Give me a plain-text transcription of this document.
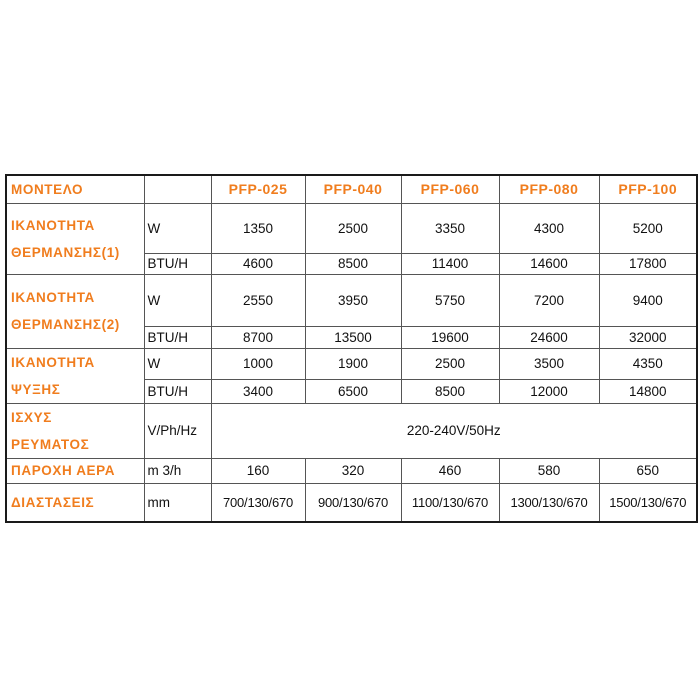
ΜΟΝΤΕΛΟ		PFP-025	PFP-040	PFP-060	PFP-080	PFP-100

ΙΚΑΝΟΤΗΤΑ
ΘΕΡΜΑΝΣΗΣ(1)	W	1350	2500	3350	4300	5200
	BTU/H	4600	8500	11400	14600	17800

ΙΚΑΝΟΤΗΤΑ
ΘΕΡΜΑΝΣΗΣ(2)	W	2550	3950	5750	7200	9400
	BTU/H	8700	13500	19600	24600	32000

ΙΚΑΝΟΤΗΤΑ
ΨΥΞΗΣ	W	1000	1900	2500	3500	4350
	BTU/H	3400	6500	8500	12000	14800

ΙΣΧΥΣ
ΡΕΥΜΑΤΟΣ	V/Ph/Hz	220-240V/50Hz				
ΠΑΡΟΧΗ ΑΕΡΑ	m 3/h	160	320	460	580	650
ΔΙΑΣΤΑΣΕΙΣ	mm	700/130/670	900/130/670	1100/130/670	1300/130/670	1500/130/670
